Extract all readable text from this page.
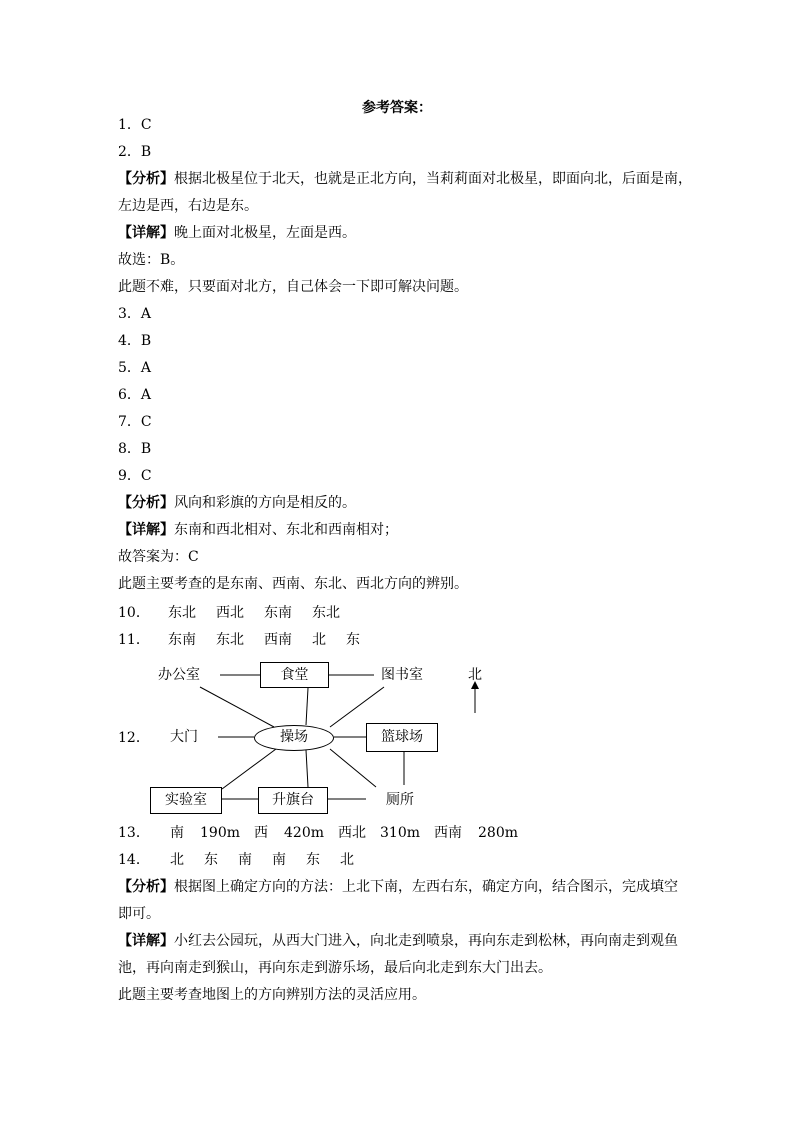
参考答案：
1．C
2．B
【分析】根据北极星位于北天，也就是正北方向，当莉莉面对北极星，即面向北，后面是南，
左边是西，右边是东。
【详解】晚上面对北极星，左面是西。
故选：B。
此题不难，只要面对北方，自己体会一下即可解决问题。
3．A
4．B
5．A
6．A
7．C
8．B
9．C
【分析】风向和彩旗的方向是相反的。
【详解】东南和西北相对、东北和西南相对；
故答案为：C
此题主要考查的是东南、西南、东北、西北方向的辨别。
10． 东北 西北 东南 东北
11． 东南 东北 西南 北 东
12．
办公室	食堂	图书室	北
大门	操场	篮球场
实验室	升旗台	厕所
13． 南 190m 西 420m 西北 310m 西南 280m
14． 北 东 南 南 东 北
【分析】根据图上确定方向的方法：上北下南，左西右东，确定方向，结合图示，完成填空
即可。
【详解】小红去公园玩，从西大门进入，向北走到喷泉，再向东走到松林，再向南走到观鱼
池，再向南走到猴山，再向东走到游乐场，最后向北走到东大门出去。
此题主要考查地图上的方向辨别方法的灵活应用。
